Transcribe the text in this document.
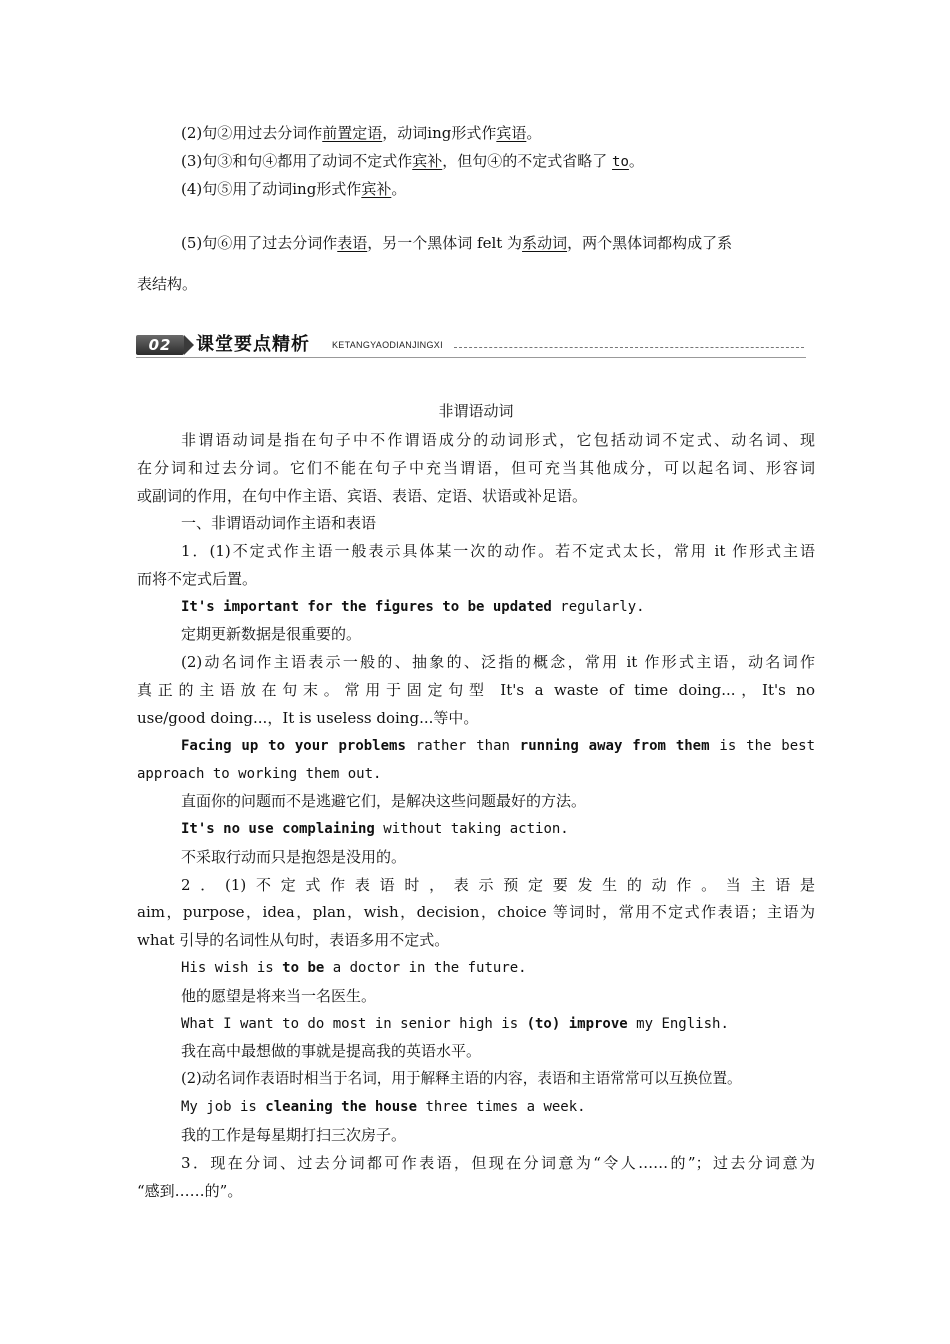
(2)句②用过去分词作前置定语，动词ing形式作宾语。
(3)句③和句④都用了动词不定式作宾补，但句④的不定式省略了 to。
(4)句⑤用了动词ing形式作宾补。
(5)句⑥用了过去分词作表语，另一个黑体词 felt 为系动词，两个黑体词都构成了系
表结构。
02	课堂要点精析 KETANGYAODIANJINGXI
非谓语动词
非谓语动词是指在句子中不作谓语成分的动词形式，它包括动词不定式、动名词、现
在分词和过去分词。它们不能在句子中充当谓语，但可充当其他成分，可以起名词、形容词
或副词的作用，在句中作主语、宾语、表语、定语、状语或补足语。
一、非谓语动词作主语和表语
1．(1)不定式作主语一般表示具体某一次的动作。若不定式太长，常用 it 作形式主语
而将不定式后置。
It's important for the figures to be updated regularly.
定期更新数据是很重要的。
(2)动名词作主语表示一般的、抽象的、泛指的概念，常用 it 作形式主语，动名词作
真正的主语放在句末。常用于固定句型 It's a waste of time doing...，It's no
use/good doing...，It is useless doing...等中。
Facing up to your problems rather than running away from them is the best
approach to working them out.
直面你的问题而不是逃避它们，是解决这些问题最好的方法。
It's no use complaining without taking action.
不采取行动而只是抱怨是没用的。
2．(1)不定式作表语时，表示预定要发生的动作。当主语是
aim，purpose，idea，plan，wish，decision，choice 等词时，常用不定式作表语；主语为
what 引导的名词性从句时，表语多用不定式。
His wish is to be a doctor in the future.
他的愿望是将来当一名医生。
What I want to do most in senior high is (to) improve my English.
我在高中最想做的事就是提高我的英语水平。
(2)动名词作表语时相当于名词，用于解释主语的内容，表语和主语常常可以互换位置。
My job is cleaning the house three times a week.
我的工作是每星期打扫三次房子。
3．现在分词、过去分词都可作表语，但现在分词意为“令人……的”；过去分词意为
“感到……的”。
